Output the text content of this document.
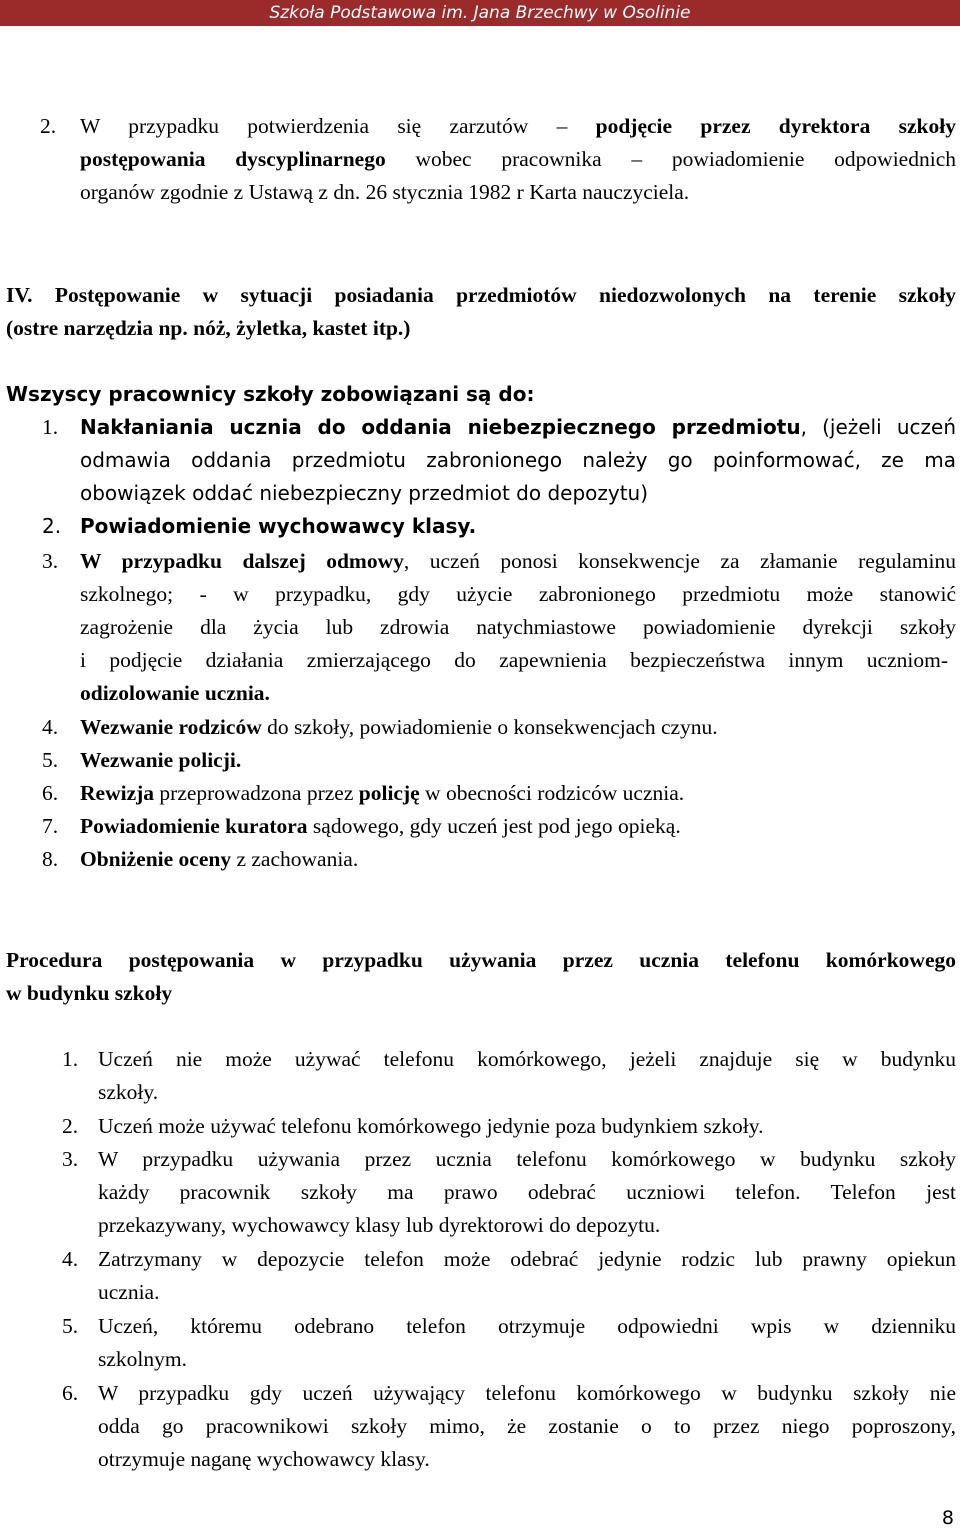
Szkoła Podstawowa im. Jana Brzechwy w Osolinie
2. W przypadku potwierdzenia się zarzutów – podjęcie przez dyrektora szkoły
postępowania dyscyplinarnego wobec pracownika – powiadomienie odpowiednich
organów zgodnie z Ustawą z dn. 26 stycznia 1982 r Karta nauczyciela.
IV. Postępowanie w sytuacji posiadania przedmiotów niedozwolonych na terenie szkoły
(ostre narzędzia np. nóż, żyletka, kastet itp.)
Wszyscy pracownicy szkoły zobowiązani są do:
1. Nakłaniania ucznia do oddania niebezpiecznego przedmiotu, (jeżeli uczeń
odmawia oddania przedmiotu zabronionego należy go poinformować, ze ma
obowiązek oddać niebezpieczny przedmiot do depozytu)
2. Powiadomienie wychowawcy klasy.
3. W przypadku dalszej odmowy, uczeń ponosi konsekwencje za złamanie regulaminu
szkolnego; - w przypadku, gdy użycie zabronionego przedmiotu może stanowić
zagrożenie dla życia lub zdrowia natychmiastowe powiadomienie dyrekcji szkoły
i podjęcie działania zmierzającego do zapewnienia bezpieczeństwa innym uczniom-
odizolowanie ucznia.
4. Wezwanie rodziców do szkoły, powiadomienie o konsekwencjach czynu.
5. Wezwanie policji.
6. Rewizja przeprowadzona przez policję w obecności rodziców ucznia.
7. Powiadomienie kuratora sądowego, gdy uczeń jest pod jego opieką.
8. Obniżenie oceny z zachowania.
Procedura postępowania w przypadku używania przez ucznia telefonu komórkowego
w budynku szkoły
1. Uczeń nie może używać telefonu komórkowego, jeżeli znajduje się w budynku
szkoły.
2. Uczeń może używać telefonu komórkowego jedynie poza budynkiem szkoły.
3. W przypadku używania przez ucznia telefonu komórkowego w budynku szkoły
każdy pracownik szkoły ma prawo odebrać uczniowi telefon. Telefon jest
przekazywany, wychowawcy klasy lub dyrektorowi do depozytu.
4. Zatrzymany w depozycie telefon może odebrać jedynie rodzic lub prawny opiekun
ucznia.
5. Uczeń, któremu odebrano telefon otrzymuje odpowiedni wpis w dzienniku
szkolnym.
6. W przypadku gdy uczeń używający telefonu komórkowego w budynku szkoły nie
odda go pracownikowi szkoły mimo, że zostanie o to przez niego poproszony,
otrzymuje naganę wychowawcy klasy.
8
